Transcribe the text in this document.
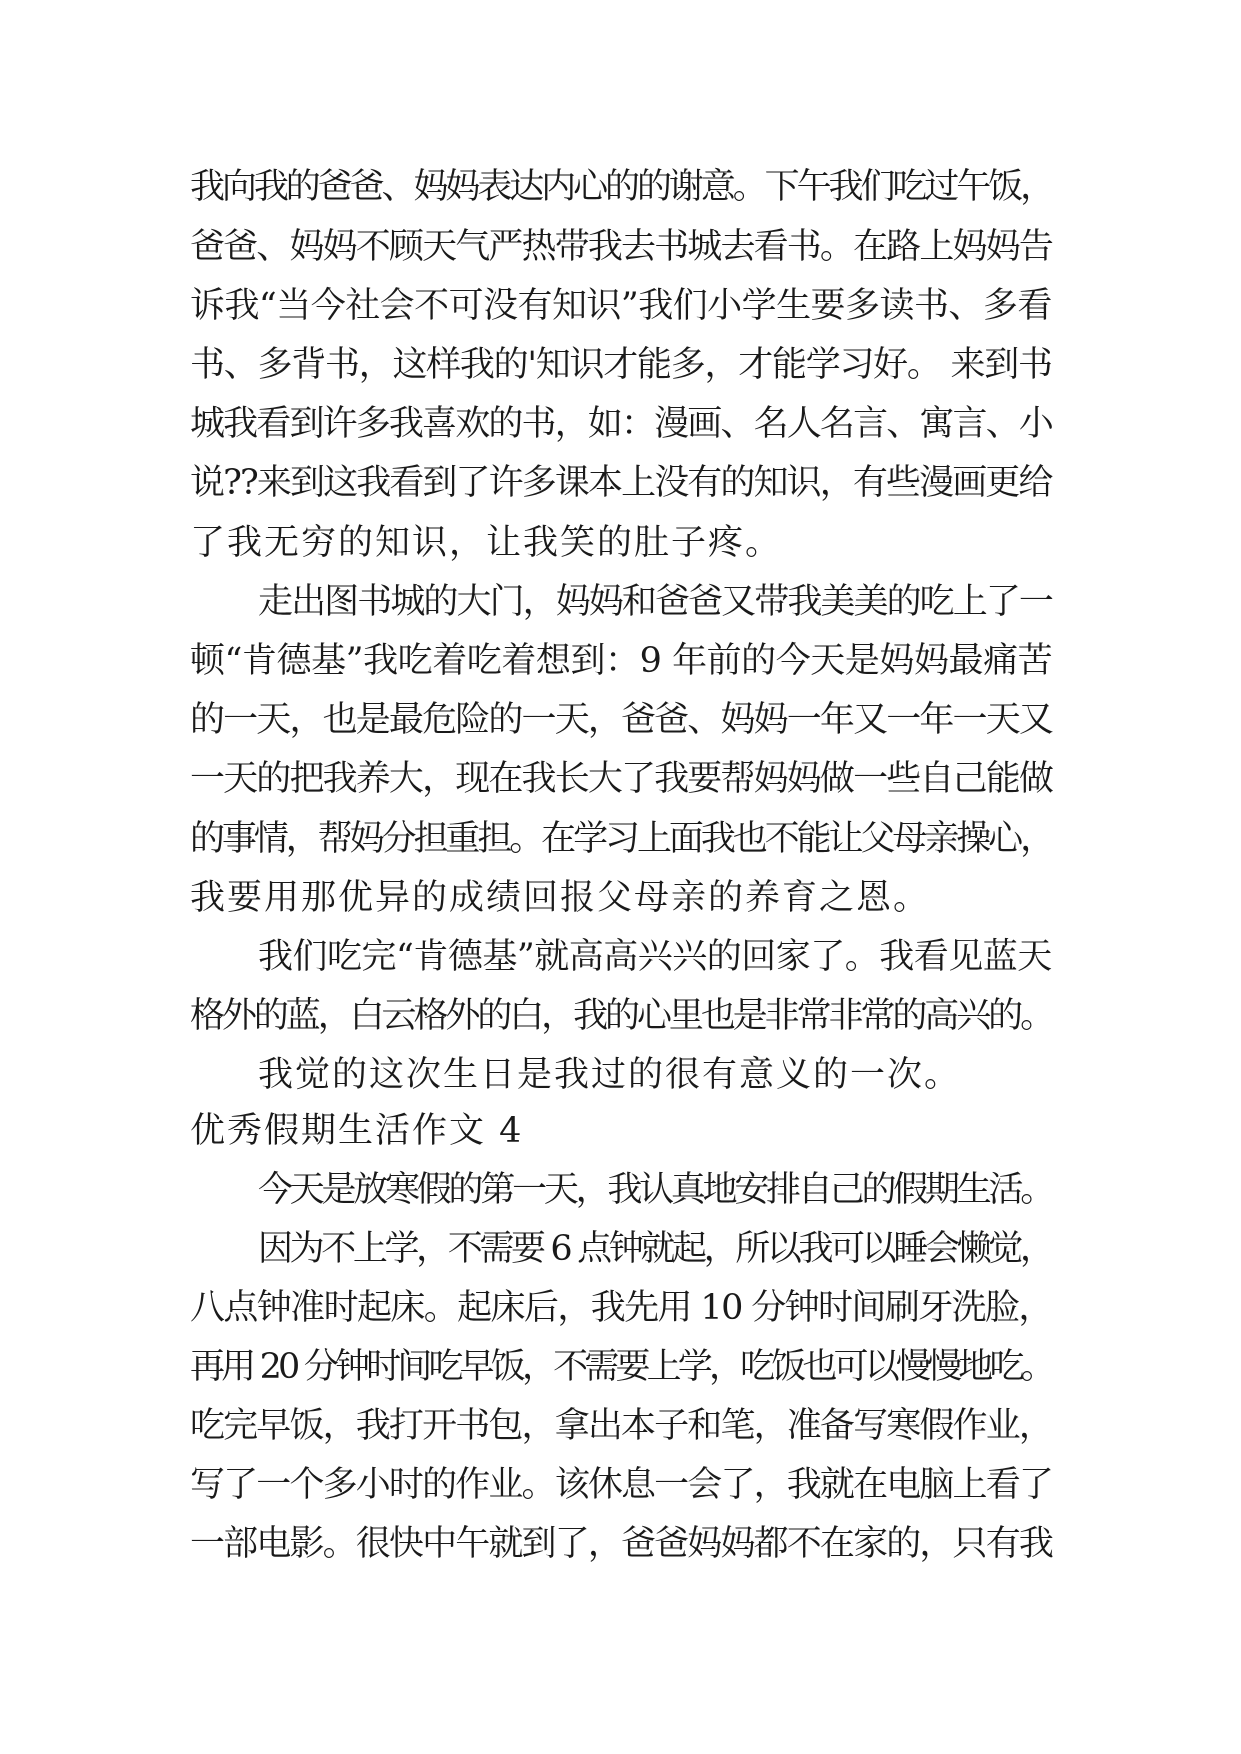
我向我的爸爸、妈妈表达内心的的谢意。下午我们吃过午饭，
爸爸、妈妈不顾天气严热带我去书城去看书。在路上妈妈告
诉我“当今社会不可没有知识”我们小学生要多读书、多看
书、多背书，这样我的'知识才能多，才能学习好。 来到书
城我看到许多我喜欢的书，如：漫画、名人名言、寓言、小
说??来到这我看到了许多课本上没有的知识，有些漫画更给
了我无穷的知识，让我笑的肚子疼。
走出图书城的大门，妈妈和爸爸又带我美美的吃上了一
顿“肯德基”我吃着吃着想到：9 年前的今天是妈妈最痛苦
的一天，也是最危险的一天，爸爸、妈妈一年又一年一天又
一天的把我养大，现在我长大了我要帮妈妈做一些自己能做
的事情，帮妈分担重担。在学习上面我也不能让父母亲操心，
我要用那优异的成绩回报父母亲的养育之恩。
我们吃完“肯德基”就高高兴兴的回家了。我看见蓝天
格外的蓝，白云格外的白，我的心里也是非常非常的高兴的。
我觉的这次生日是我过的很有意义的一次。
优秀假期生活作文 4
今天是放寒假的第一天，我认真地安排自己的假期生活。
因为不上学，不需要 6 点钟就起，所以我可以睡会懒觉，
八点钟准时起床。起床后，我先用 10 分钟时间刷牙洗脸，
再用 20 分钟时间吃早饭，不需要上学，吃饭也可以慢慢地吃。
吃完早饭，我打开书包，拿出本子和笔，准备写寒假作业，
写了一个多小时的作业。该休息一会了，我就在电脑上看了
一部电影。很快中午就到了，爸爸妈妈都不在家的，只有我
